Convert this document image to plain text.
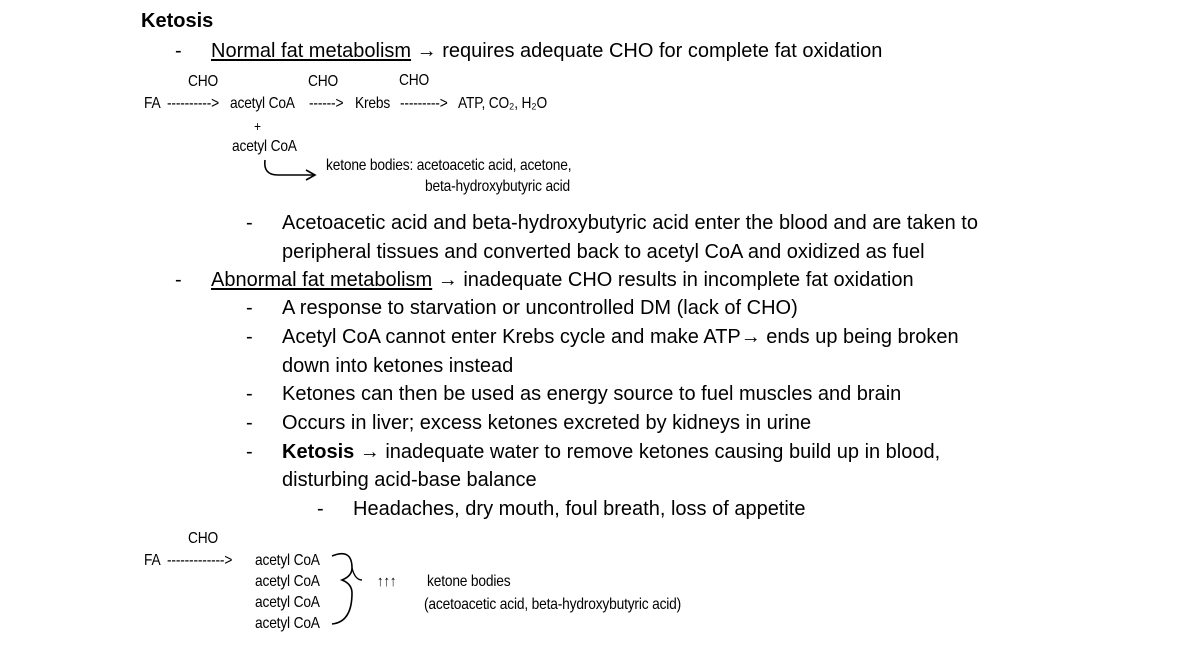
Ketosis
- Normal fat metabolism → requires adequate CHO for complete fat oxidation
CHO	CHO	CHO
FA ----------> acetyl CoA ------> Krebs ---------> ATP, CO₂, H₂O
+
acetyl CoA
ketone bodies: acetoacetic acid, acetone,
beta-hydroxybutyric acid
- Acetoacetic acid and beta-hydroxybutyric acid enter the blood and are taken to
peripheral tissues and converted back to acetyl CoA and oxidized as fuel
- Abnormal fat metabolism → inadequate CHO results in incomplete fat oxidation
- A response to starvation or uncontrolled DM (lack of CHO)
- Acetyl CoA cannot enter Krebs cycle and make ATP→ ends up being broken
down into ketones instead
- Ketones can then be used as energy source to fuel muscles and brain
- Occurs in liver; excess ketones excreted by kidneys in urine
- Ketosis → inadequate water to remove ketones causing build up in blood,
disturbing acid-base balance
- Headaches, dry mouth, foul breath, loss of appetite
CHO
FA -------------> acetyl CoA
acetyl CoA
acetyl CoA
acetyl CoA
↑↑↑ ketone bodies
(acetoacetic acid, beta-hydroxybutyric acid)
